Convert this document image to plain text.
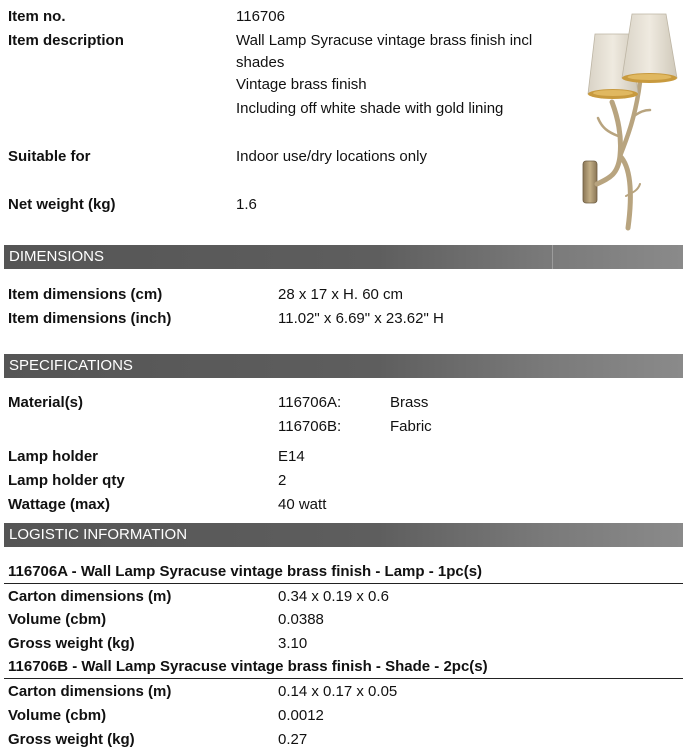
Item no.	116706
Item description	Wall Lamp Syracuse vintage brass finish incl
shades
Vintage brass finish
Including off white shade with gold lining
Suitable for	Indoor use/dry locations only
Net weight (kg)	1.6
DIMENSIONS
Item dimensions (cm)	28 x 17 x H. 60 cm
Item dimensions (inch)	11.02" x 6.69" x 23.62" H
SPECIFICATIONS
Material(s)	116706A:	Brass
116706B:	Fabric
Lamp holder	E14
Lamp holder qty	2
Wattage (max)	40 watt
LOGISTIC INFORMATION
116706A - Wall Lamp Syracuse vintage brass finish - Lamp - 1pc(s)
Carton dimensions (m)	0.34 x 0.19 x 0.6
Volume (cbm)	0.0388
Gross weight (kg)	3.10
116706B - Wall Lamp Syracuse vintage brass finish - Shade - 2pc(s)
Carton dimensions (m)	0.14 x 0.17 x 0.05
Volume (cbm)	0.0012
Gross weight (kg)	0.27
